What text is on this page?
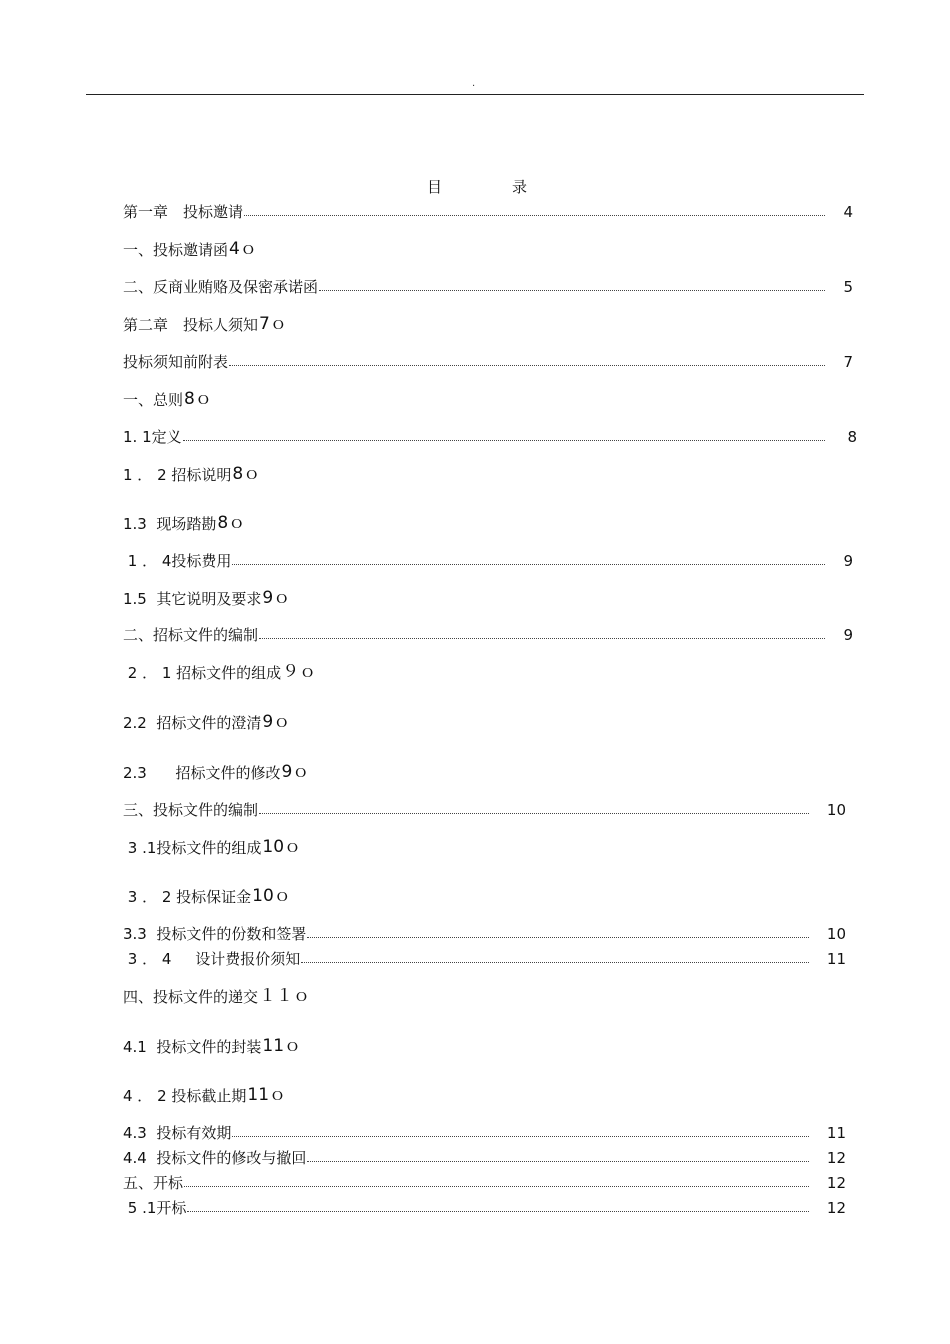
.
目录
第一章　投标邀请	4
一、投标邀请函 4ｏ
二、反商业贿赂及保密承诺函	5
第二章　投标人须知 7ｏ
投标须知前附表	7
一、总则 8ｏ
1. 1定义	8
1 ． 2 招标说明 8ｏ
1.3  现场踏勘 8ｏ
1 ． 4投标费用	9
1.5  其它说明及要求 9ｏ
二、招标文件的编制	9
2 ． 1 招标文件的组成 ９ｏ
2.2  招标文件的澄清 9ｏ
2.3      招标文件的修改 9ｏ
三、投标文件的编制	10
3 .1投标文件的组成 10ｏ
3 ． 2 投标保证金 10ｏ
3.3  投标文件的份数和签署	10
3 ． 4     设计费报价须知	11
四、投标文件的递交 １１ｏ
4.1  投标文件的封装 11ｏ
4 ． 2 投标截止期 11ｏ
4.3  投标有效期	11
4.4  投标文件的修改与撤回	12
五、开标	12
5 .1开标	12
